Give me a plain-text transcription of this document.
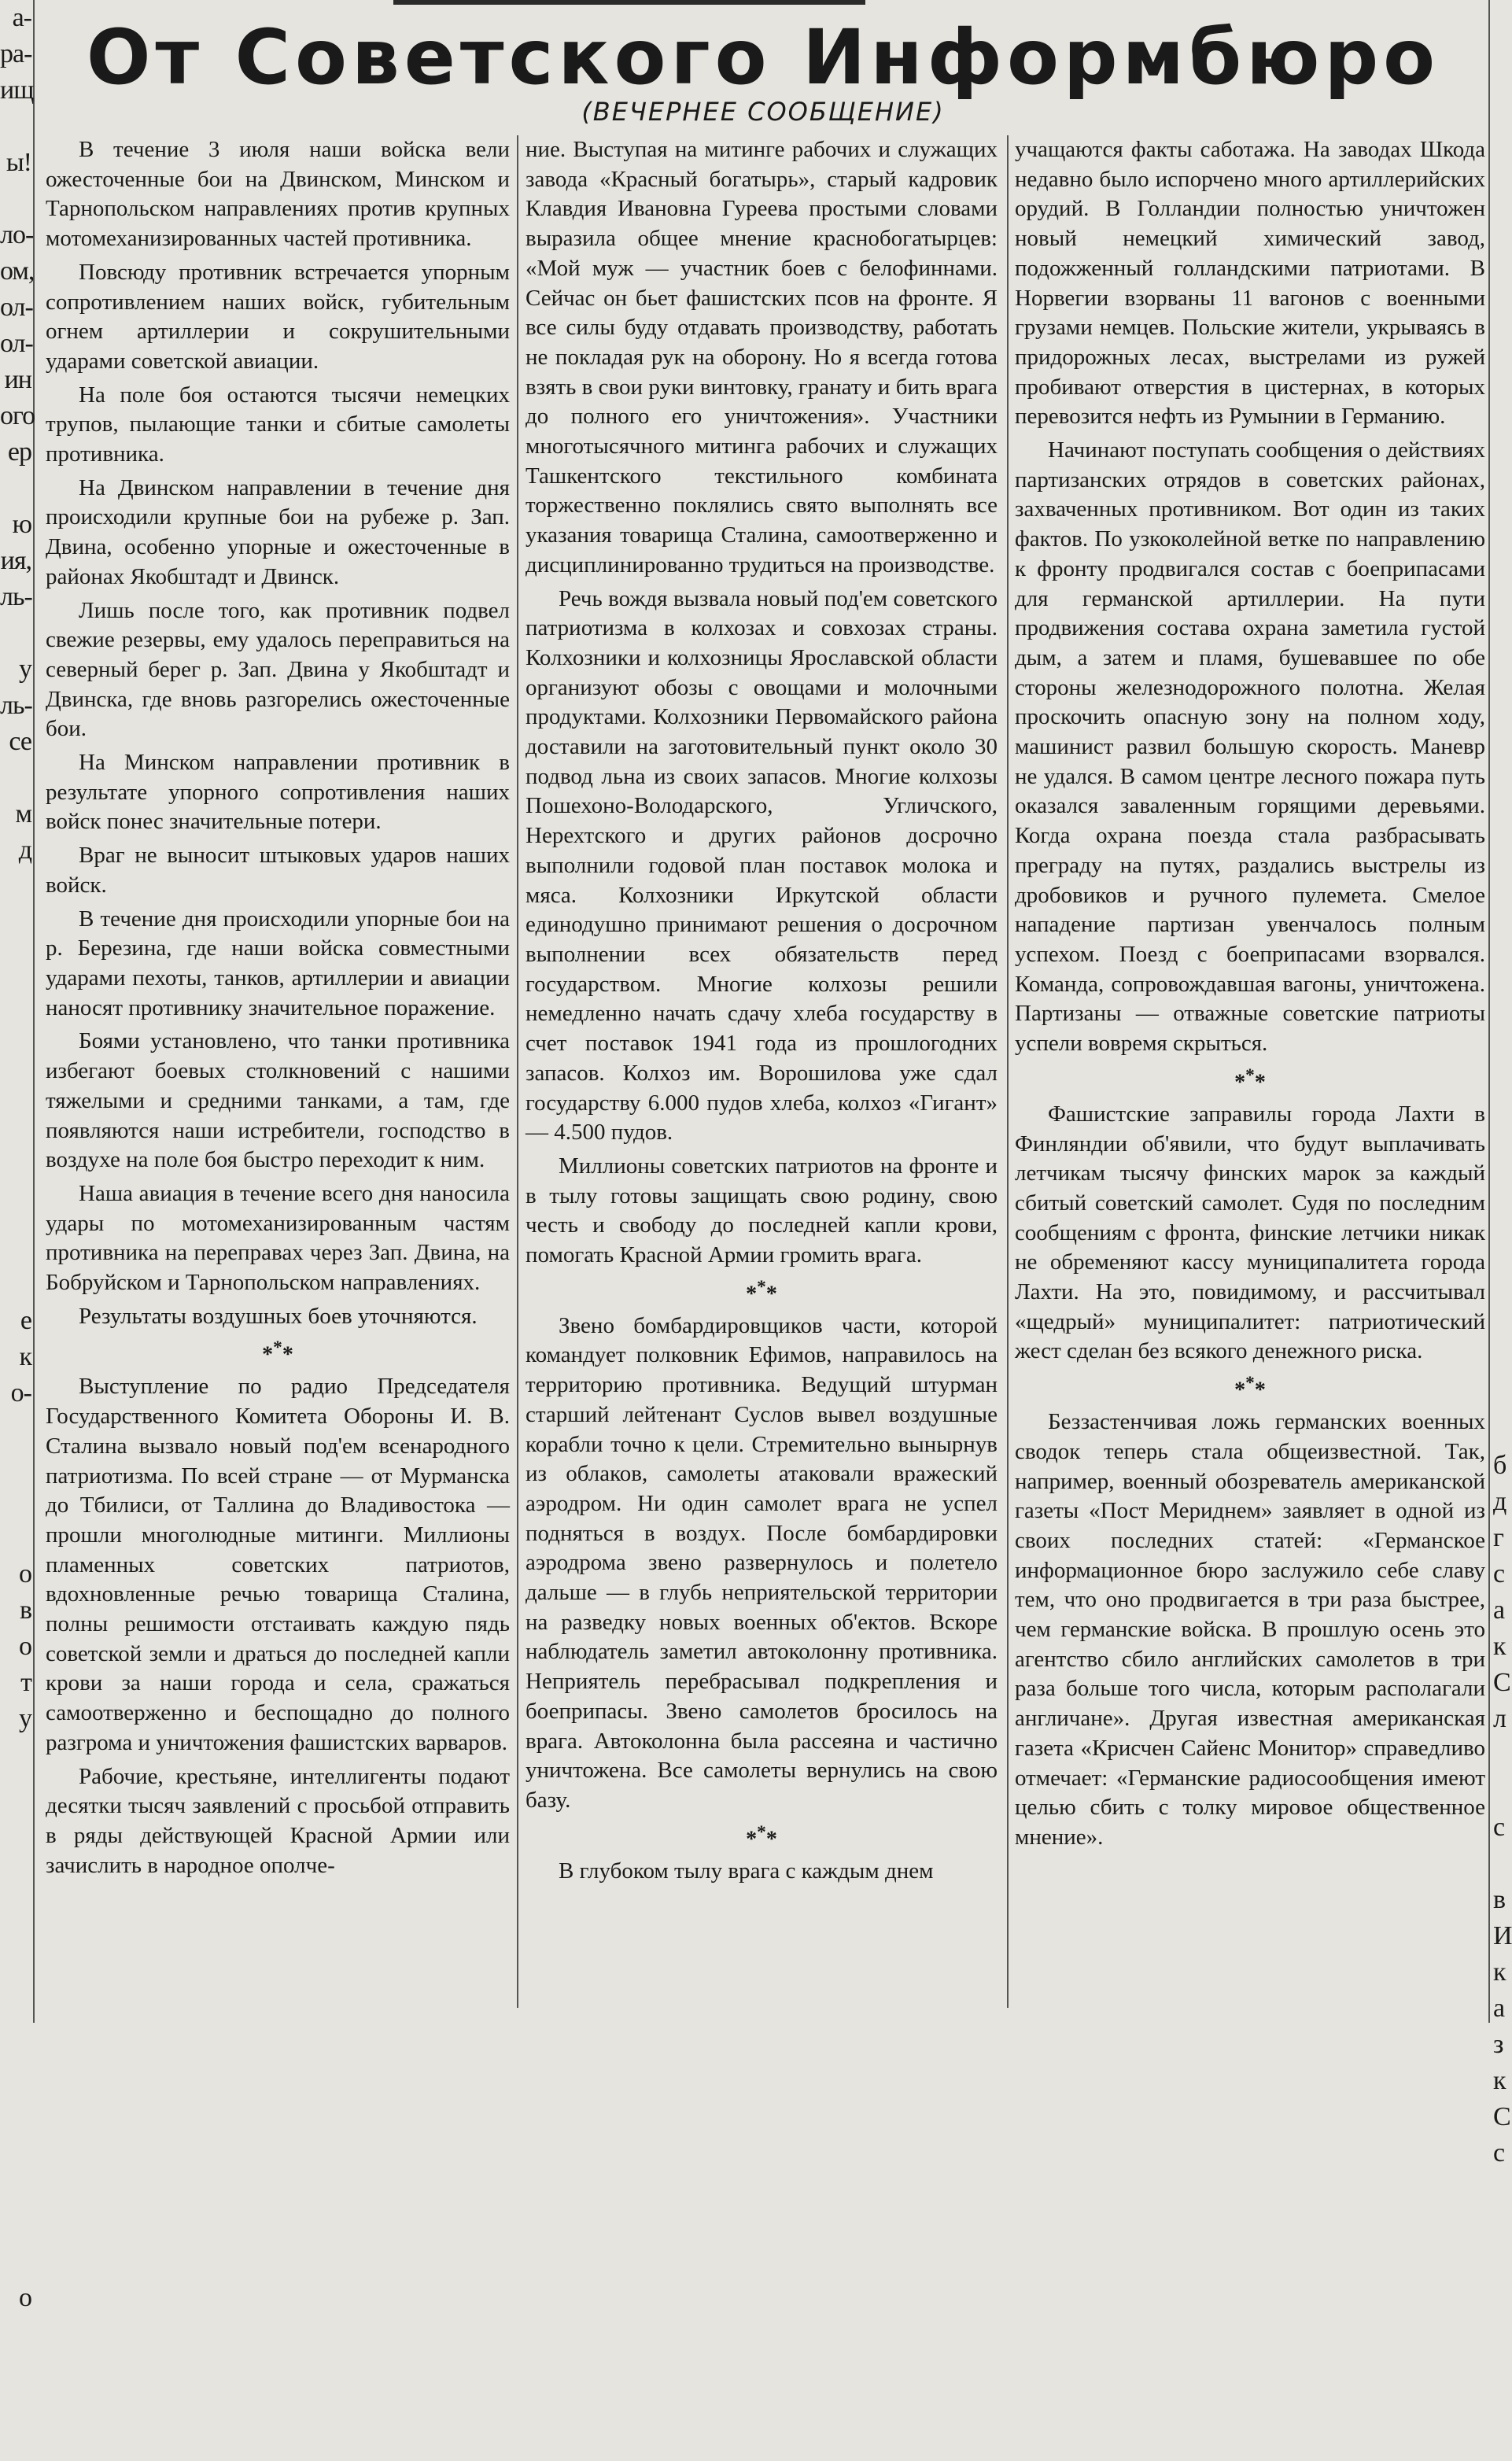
а-
ра-
ищ

ы!

ло-
ом,
ол-
ол-
ин
ого
ер

ю
ия,
ль-

у
ль-
се

м
д

е
к
о-

о
в
о
т
у

о

б
д
г
с
а
к
С
л

с

в
И
к
а
з
к
С
с

От Советского Информбюро
(ВЕЧЕРНЕЕ СООБЩЕНИЕ)

В течение 3 июля наши войска вели ожесточенные бои на Двинском, Минском и Тарнопольском направлениях против крупных мотомеханизированных частей противника.

Повсюду противник встречается упорным сопротивлением наших войск, губительным огнем артиллерии и сокрушительными ударами советской авиации.

На поле боя остаются тысячи немецких трупов, пылающие танки и сбитые самолеты противника.

На Двинском направлении в течение дня происходили крупные бои на рубеже р. Зап. Двина, особенно упорные и ожесточенные в районах Якобштадт и Двинск.

Лишь после того, как противник подвел свежие резервы, ему удалось переправиться на северный берег р. Зап. Двина у Якобштадт и Двинска, где вновь разгорелись ожесточенные бои.

На Минском направлении противник в результате упорного сопротивления наших войск понес значительные потери.

Враг не выносит штыковых ударов наших войск.

В течение дня происходили упорные бои на р. Березина, где наши войска совместными ударами пехоты, танков, артиллерии и авиации наносят противнику значительное поражение.

Боями установлено, что танки противника избегают боевых столкновений с нашими тяжелыми и средними танками, а там, где появляются наши истребители, господство в воздухе на поле боя быстро переходит к ним.

Наша авиация в течение всего дня наносила удары по мотомеханизированным частям противника на переправах через Зап. Двина, на Бобруйском и Тарнопольском направлениях.

Результаты воздушных боев уточняются.

***

Выступление по радио Председателя Государственного Комитета Обороны И. В. Сталина вызвало новый под'ем всенародного патриотизма. По всей стране — от Мурманска до Тбилиси, от Таллина до Владивостока — прошли многолюдные митинги. Миллионы пламенных советских патриотов, вдохновленные речью товарища Сталина, полны решимости отстаивать каждую пядь советской земли и драться до последней капли крови за наши города и села, сражаться самоотверженно и беспощадно до полного разгрома и уничтожения фашистских варваров.

Рабочие, крестьяне, интеллигенты подают десятки тысяч заявлений с просьбой отправить в ряды действующей Красной Армии или зачислить в народное ополче-

ние. Выступая на митинге рабочих и служащих завода «Красный богатырь», старый кадровик Клавдия Ивановна Гуреева простыми словами выразила общее мнение краснобогатырцев: «Мой муж — участник боев с белофиннами. Сейчас он бьет фашистских псов на фронте. Я все силы буду отдавать производству, работать не покладая рук на оборону. Но я всегда готова взять в свои руки винтовку, гранату и бить врага до полного его уничтожения». Участники многотысячного митинга рабочих и служащих Ташкентского текстильного комбината торжественно поклялись свято выполнять все указания товарища Сталина, самоотверженно и дисциплинированно трудиться на производстве.

Речь вождя вызвала новый под'ем советского патриотизма в колхозах и совхозах страны. Колхозники и колхозницы Ярославской области организуют обозы с овощами и молочными продуктами. Колхозники Первомайского района доставили на заготовительный пункт около 30 подвод льна из своих запасов. Многие колхозы Пошехоно-Володарского, Угличского, Нерехтского и других районов досрочно выполнили годовой план поставок молока и мяса. Колхозники Иркутской области единодушно принимают решения о досрочном выполнении всех обязательств перед государством. Многие колхозы решили немедленно начать сдачу хлеба государству в счет поставок 1941 года из прошлогодних запасов. Колхоз им. Ворошилова уже сдал государству 6.000 пудов хлеба, колхоз «Гигант» — 4.500 пудов.

Миллионы советских патриотов на фронте и в тылу готовы защищать свою родину, свою честь и свободу до последней капли крови, помогать Красной Армии громить врага.

***

Звено бомбардировщиков части, которой командует полковник Ефимов, направилось на территорию противника. Ведущий штурман старший лейтенант Суслов вывел воздушные корабли точно к цели. Стремительно вынырнув из облаков, самолеты атаковали вражеский аэродром. Ни один самолет врага не успел подняться в воздух. После бомбардировки аэродрома звено развернулось и полетело дальше — в глубь неприятельской территории на разведку новых военных об'ектов. Вскоре наблюдатель заметил автоколонну противника. Неприятель перебрасывал подкрепления и боеприпасы. Звено самолетов бросилось на врага. Автоколонна была рассеяна и частично уничтожена. Все самолеты вернулись на свою базу.

***

В глубоком тылу врага с каждым днем

учащаются факты саботажа. На заводах Шкода недавно было испорчено много артиллерийских орудий. В Голландии полностью уничтожен новый немецкий химический завод, подожженный голландскими патриотами. В Норвегии взорваны 11 вагонов с военными грузами немцев. Польские жители, укрываясь в придорожных лесах, выстрелами из ружей пробивают отверстия в цистернах, в которых перевозится нефть из Румынии в Германию.

Начинают поступать сообщения о действиях партизанских отрядов в советских районах, захваченных противником. Вот один из таких фактов. По узкоколейной ветке по направлению к фронту продвигался состав с боеприпасами для германской артиллерии. На пути продвижения состава охрана заметила густой дым, а затем и пламя, бушевавшее по обе стороны железнодорожного полотна. Желая проскочить опасную зону на полном ходу, машинист развил большую скорость. Маневр не удался. В самом центре лесного пожара путь оказался заваленным горящими деревьями. Когда охрана поезда стала разбрасывать преграду на путях, раздались выстрелы из дробовиков и ручного пулемета. Смелое нападение партизан увенчалось полным успехом. Поезд с боеприпасами взорвался. Команда, сопровождавшая вагоны, уничтожена. Партизаны — отважные советские патриоты успели вовремя скрыться.

***

Фашистские заправилы города Лахти в Финляндии об'явили, что будут выплачивать летчикам тысячу финских марок за каждый сбитый советский самолет. Судя по последним сообщениям с фронта, финские летчики никак не обременяют кассу муниципалитета города Лахти. На это, повидимому, и рассчитывал «щедрый» муниципалитет: патриотический жест сделан без всякого денежного риска.

***

Беззастенчивая ложь германских военных сводок теперь стала общеизвестной. Так, например, военный обозреватель американской газеты «Пост Мериднем» заявляет в одной из своих последних статей: «Германское информационное бюро заслужило себе славу тем, что оно продвигается в три раза быстрее, чем германские войска. В прошлую осень это агентство сбило английских самолетов в три раза больше того числа, которым располагали англичане». Другая известная американская газета «Крисчен Сайенс Монитор» справедливо отмечает: «Германские радиосообщения имеют целью сбить с толку мировое общественное мнение».
